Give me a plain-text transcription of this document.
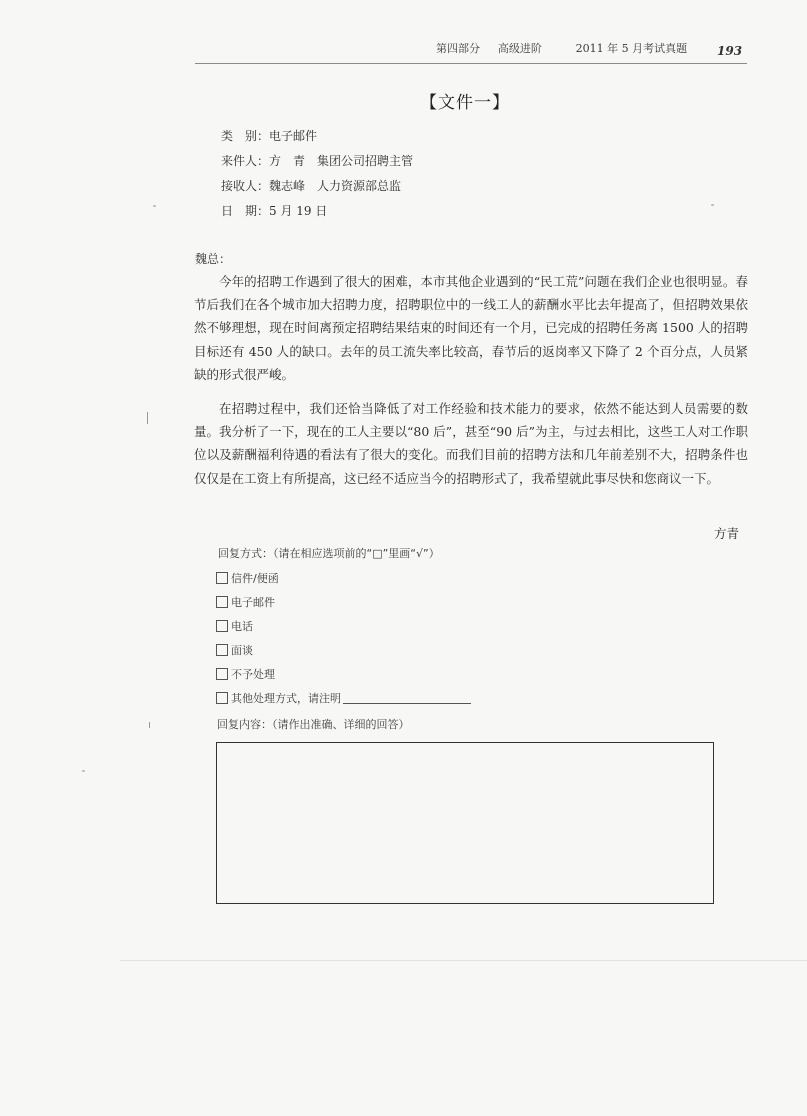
第四部分 高级进阶	2011 年 5 月考试真题 193
【文件一】
类　别：电子邮件
来件人：方　青　集团公司招聘主管
接收人：魏志峰　人力资源部总监
日　期：5 月 19 日
魏总：

今年的招聘工作遇到了很大的困难，本市其他企业遇到的“民工荒”问题在我们企业也很明显。春节后我们在各个城市加大招聘力度，招聘职位中的一线工人的薪酬水平比去年提高了，但招聘效果依然不够理想，现在时间离预定招聘结果结束的时间还有一个月，已完成的招聘任务离 1500 人的招聘目标还有 450 人的缺口。去年的员工流失率比较高，春节后的返岗率又下降了 2 个百分点，人员紧缺的形式很严峻。

在招聘过程中，我们还恰当降低了对工作经验和技术能力的要求，依然不能达到人员需要的数量。我分析了一下，现在的工人主要以“80 后”，甚至“90 后”为主，与过去相比，这些工人对工作职位以及薪酬福利待遇的看法有了很大的变化。而我们目前的招聘方法和几年前差别不大，招聘条件也仅仅是在工资上有所提高，这已经不适应当今的招聘形式了，我希望就此事尽快和您商议一下。

方青
回复方式：（请在相应选项前的“□”里画“√”）
信件/便函
电子邮件
电话
面谈
不予处理
其他处理方式，请注明
回复内容：（请作出准确、详细的回答）
